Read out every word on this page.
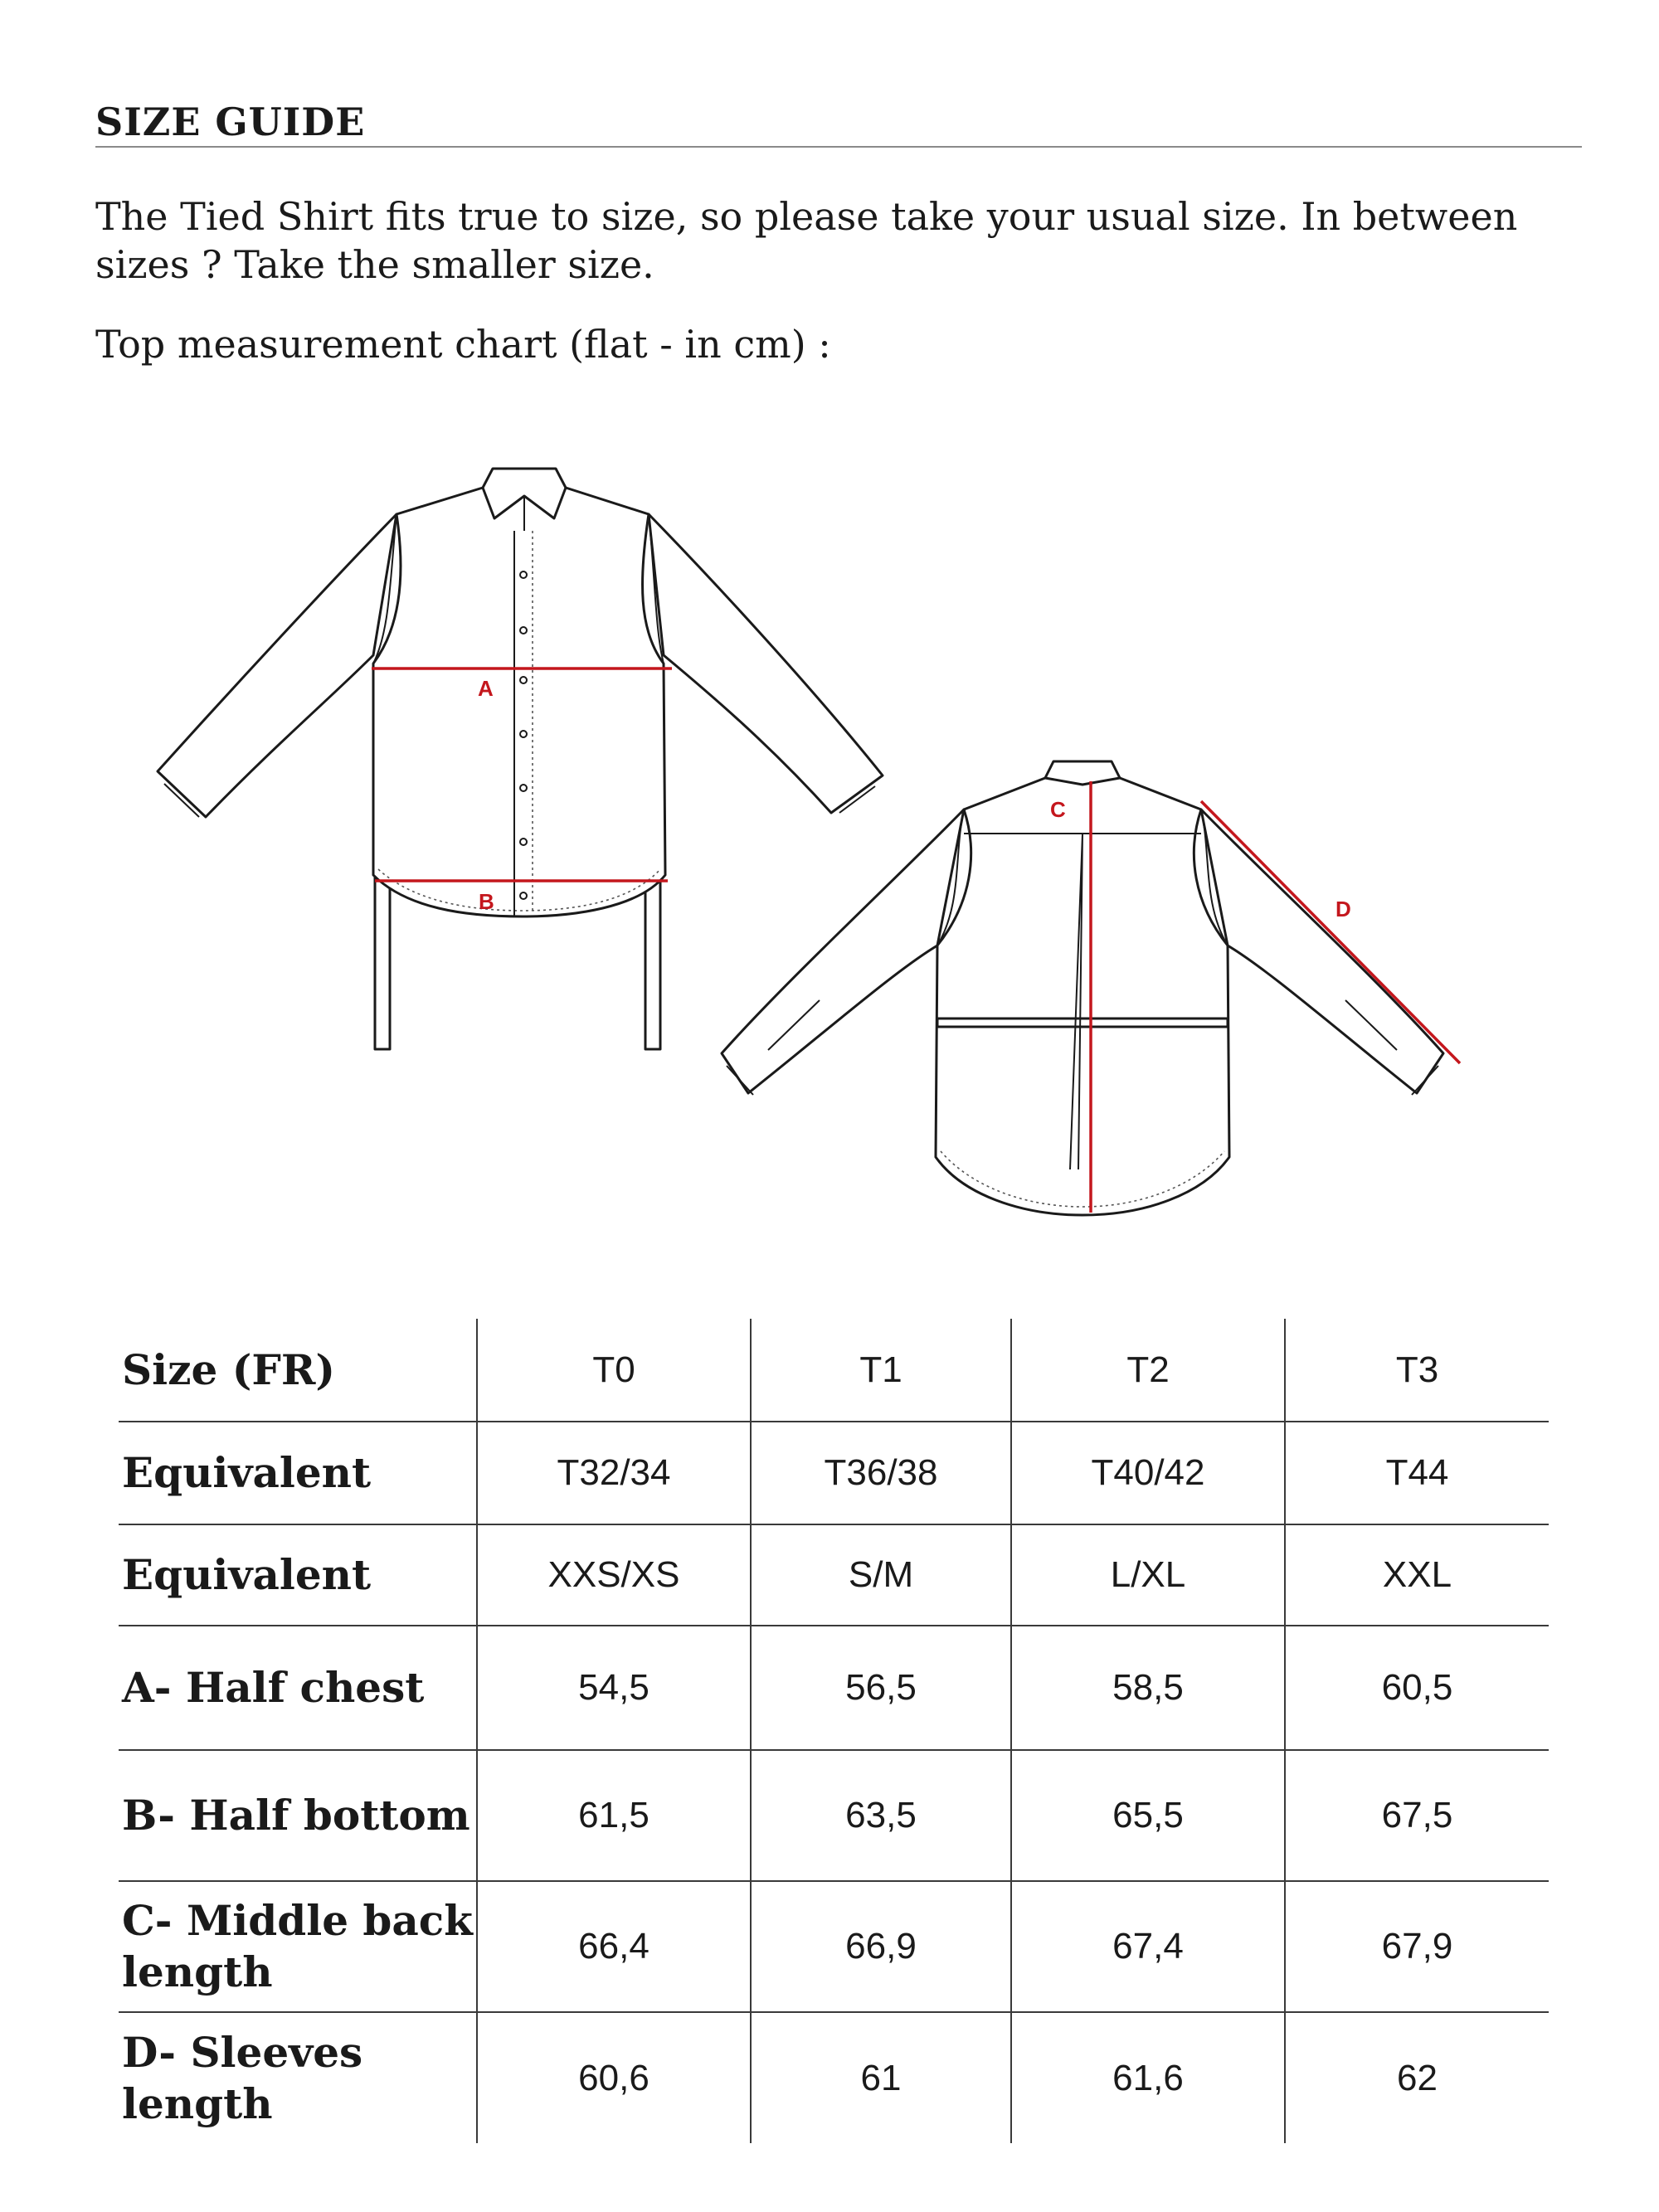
SIZE GUIDE

The Tied Shirt fits true to size, so please take your usual size. In between sizes ? Take the smaller size.

Top measurement chart (flat - in cm) :

A
B
C
D
Size (FR)	T0	T1	T2	T3
Equivalent	T32/34	T36/38	T40/42	T44
Equivalent	XXS/XS	S/M	L/XL	XXL
A- Half chest	54,5	56,5	58,5	60,5
B- Half bottom	61,5	63,5	65,5	67,5
C- Middle back length	66,4	66,9	67,4	67,9
D- Sleeves length	60,6	61	61,6	62
